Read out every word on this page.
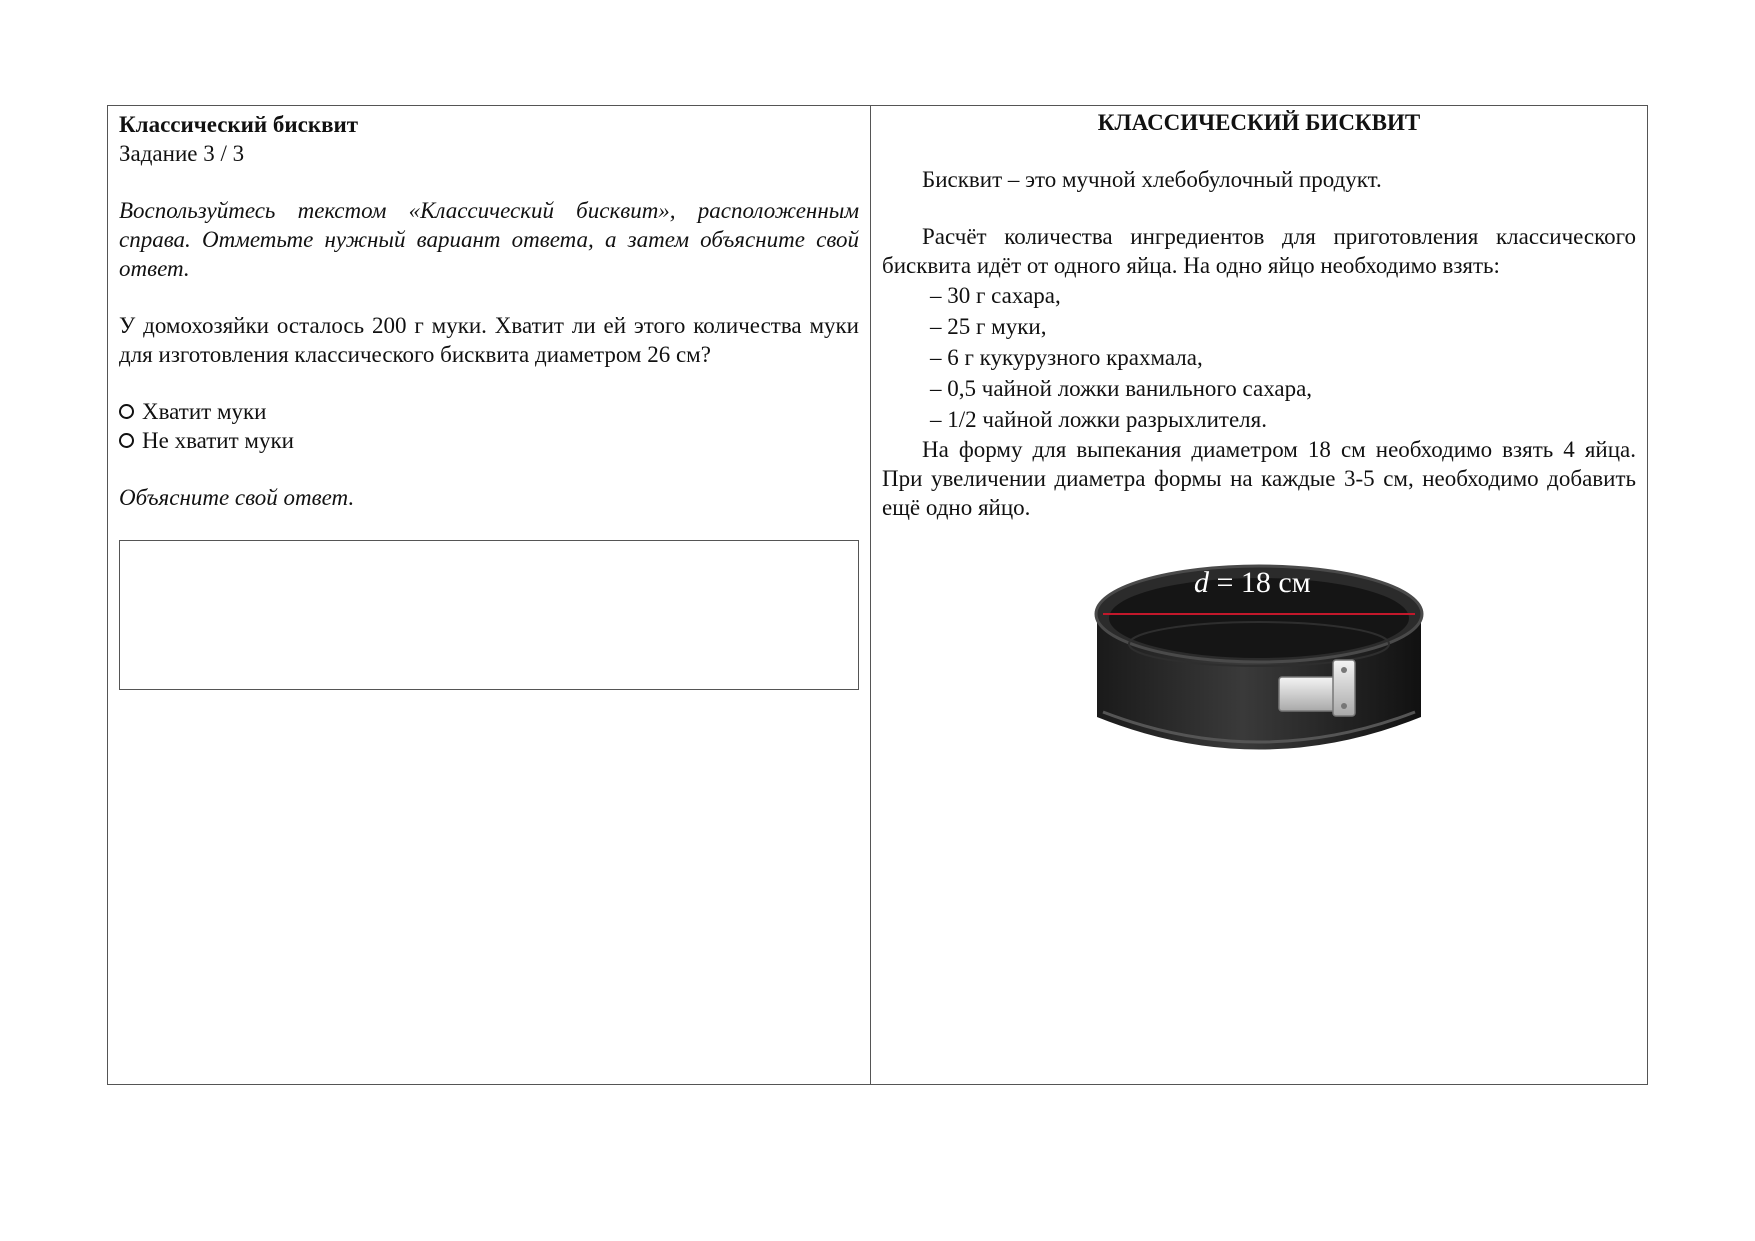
Классический бисквит

Задание 3 / 3

Воспользуйтесь текстом «Классический бисквит», расположенным справа. Отметьте нужный вариант ответа, а затем объясните свой ответ.

У домохозяйки осталось 200 г муки. Хватит ли ей этого количества муки для изготовления классического бисквита диаметром 26 см?

Хватит муки
Не хватит муки

Объясните свой ответ.

КЛАССИЧЕСКИЙ БИСКВИТ

Бисквит – это мучной хлебобулочный продукт.

Расчёт количества ингредиентов для приготовления классического бисквита идёт от одного яйца. На одно яйцо необходимо взять:

– 30 г сахара,
– 25 г муки,
– 6 г кукурузного крахмала,
– 0,5 чайной ложки ванильного сахара,
– 1/2 чайной ложки разрыхлителя.

На форму для выпекания диаметром 18 см необходимо взять 4 яйца. При увеличении диаметра формы на каждые 3-5 см, необходимо добавить ещё одно яйцо.

d = 18 см
